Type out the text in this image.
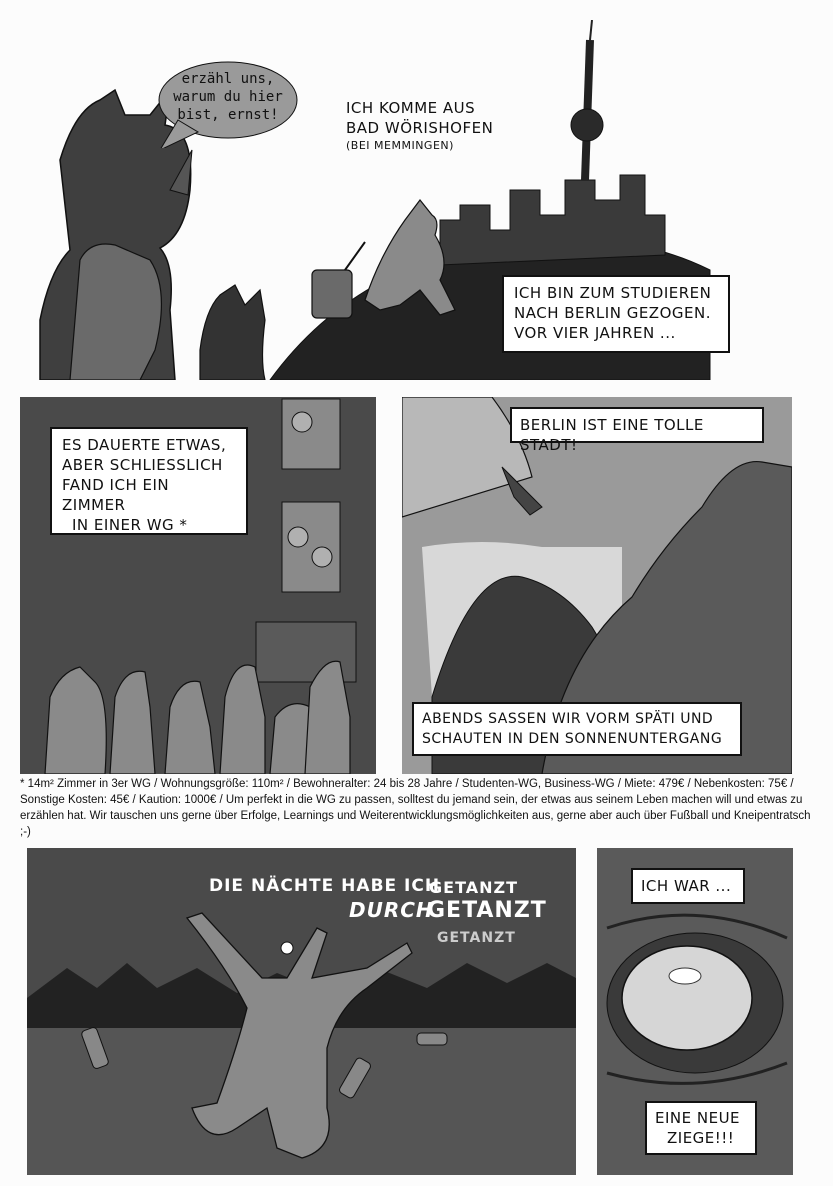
erzähl uns,
warum du hier
bist, ernst!	ICH KOMME AUS
BAD WÖRISHOFEN
(BEI MEMMINGEN)
ICH BIN ZUM STUDIEREN
NACH BERLIN GEZOGEN.
VOR VIER JAHREN ...
ES DAUERTE ETWAS,
ABER SCHLIESSLICH
FAND ICH EIN ZIMMER
IN EINER WG *
BERLIN IST EINE TOLLE STADT!
ABENDS SASSEN WIR VORM SPÄTI UND
SCHAUTEN IN DEN SONNENUNTERGANG
* 14m² Zimmer in 3er WG / Wohnungsgröße: 110m² / Bewohneralter: 24 bis 28 Jahre / Studenten-WG, Business-WG / Miete: 479€ / Nebenkosten: 75€ / Sonstige Kosten: 45€ / Kaution: 1000€ / Um perfekt in die WG zu passen, solltest du jemand sein, der etwas aus seinem Leben machen will und etwas zu erzählen hat. Wir tauschen uns gerne über Erfolge, Learnings und Weiterentwicklungsmöglichkeiten aus, gerne aber auch über Fußball und Kneipentratsch ;-)
DIE NÄCHTE HABE ICH
GETANZT
DURCH
GETANZT
GETANZT
ICH WAR ...
EINE NEUE
ZIEGE!!!
